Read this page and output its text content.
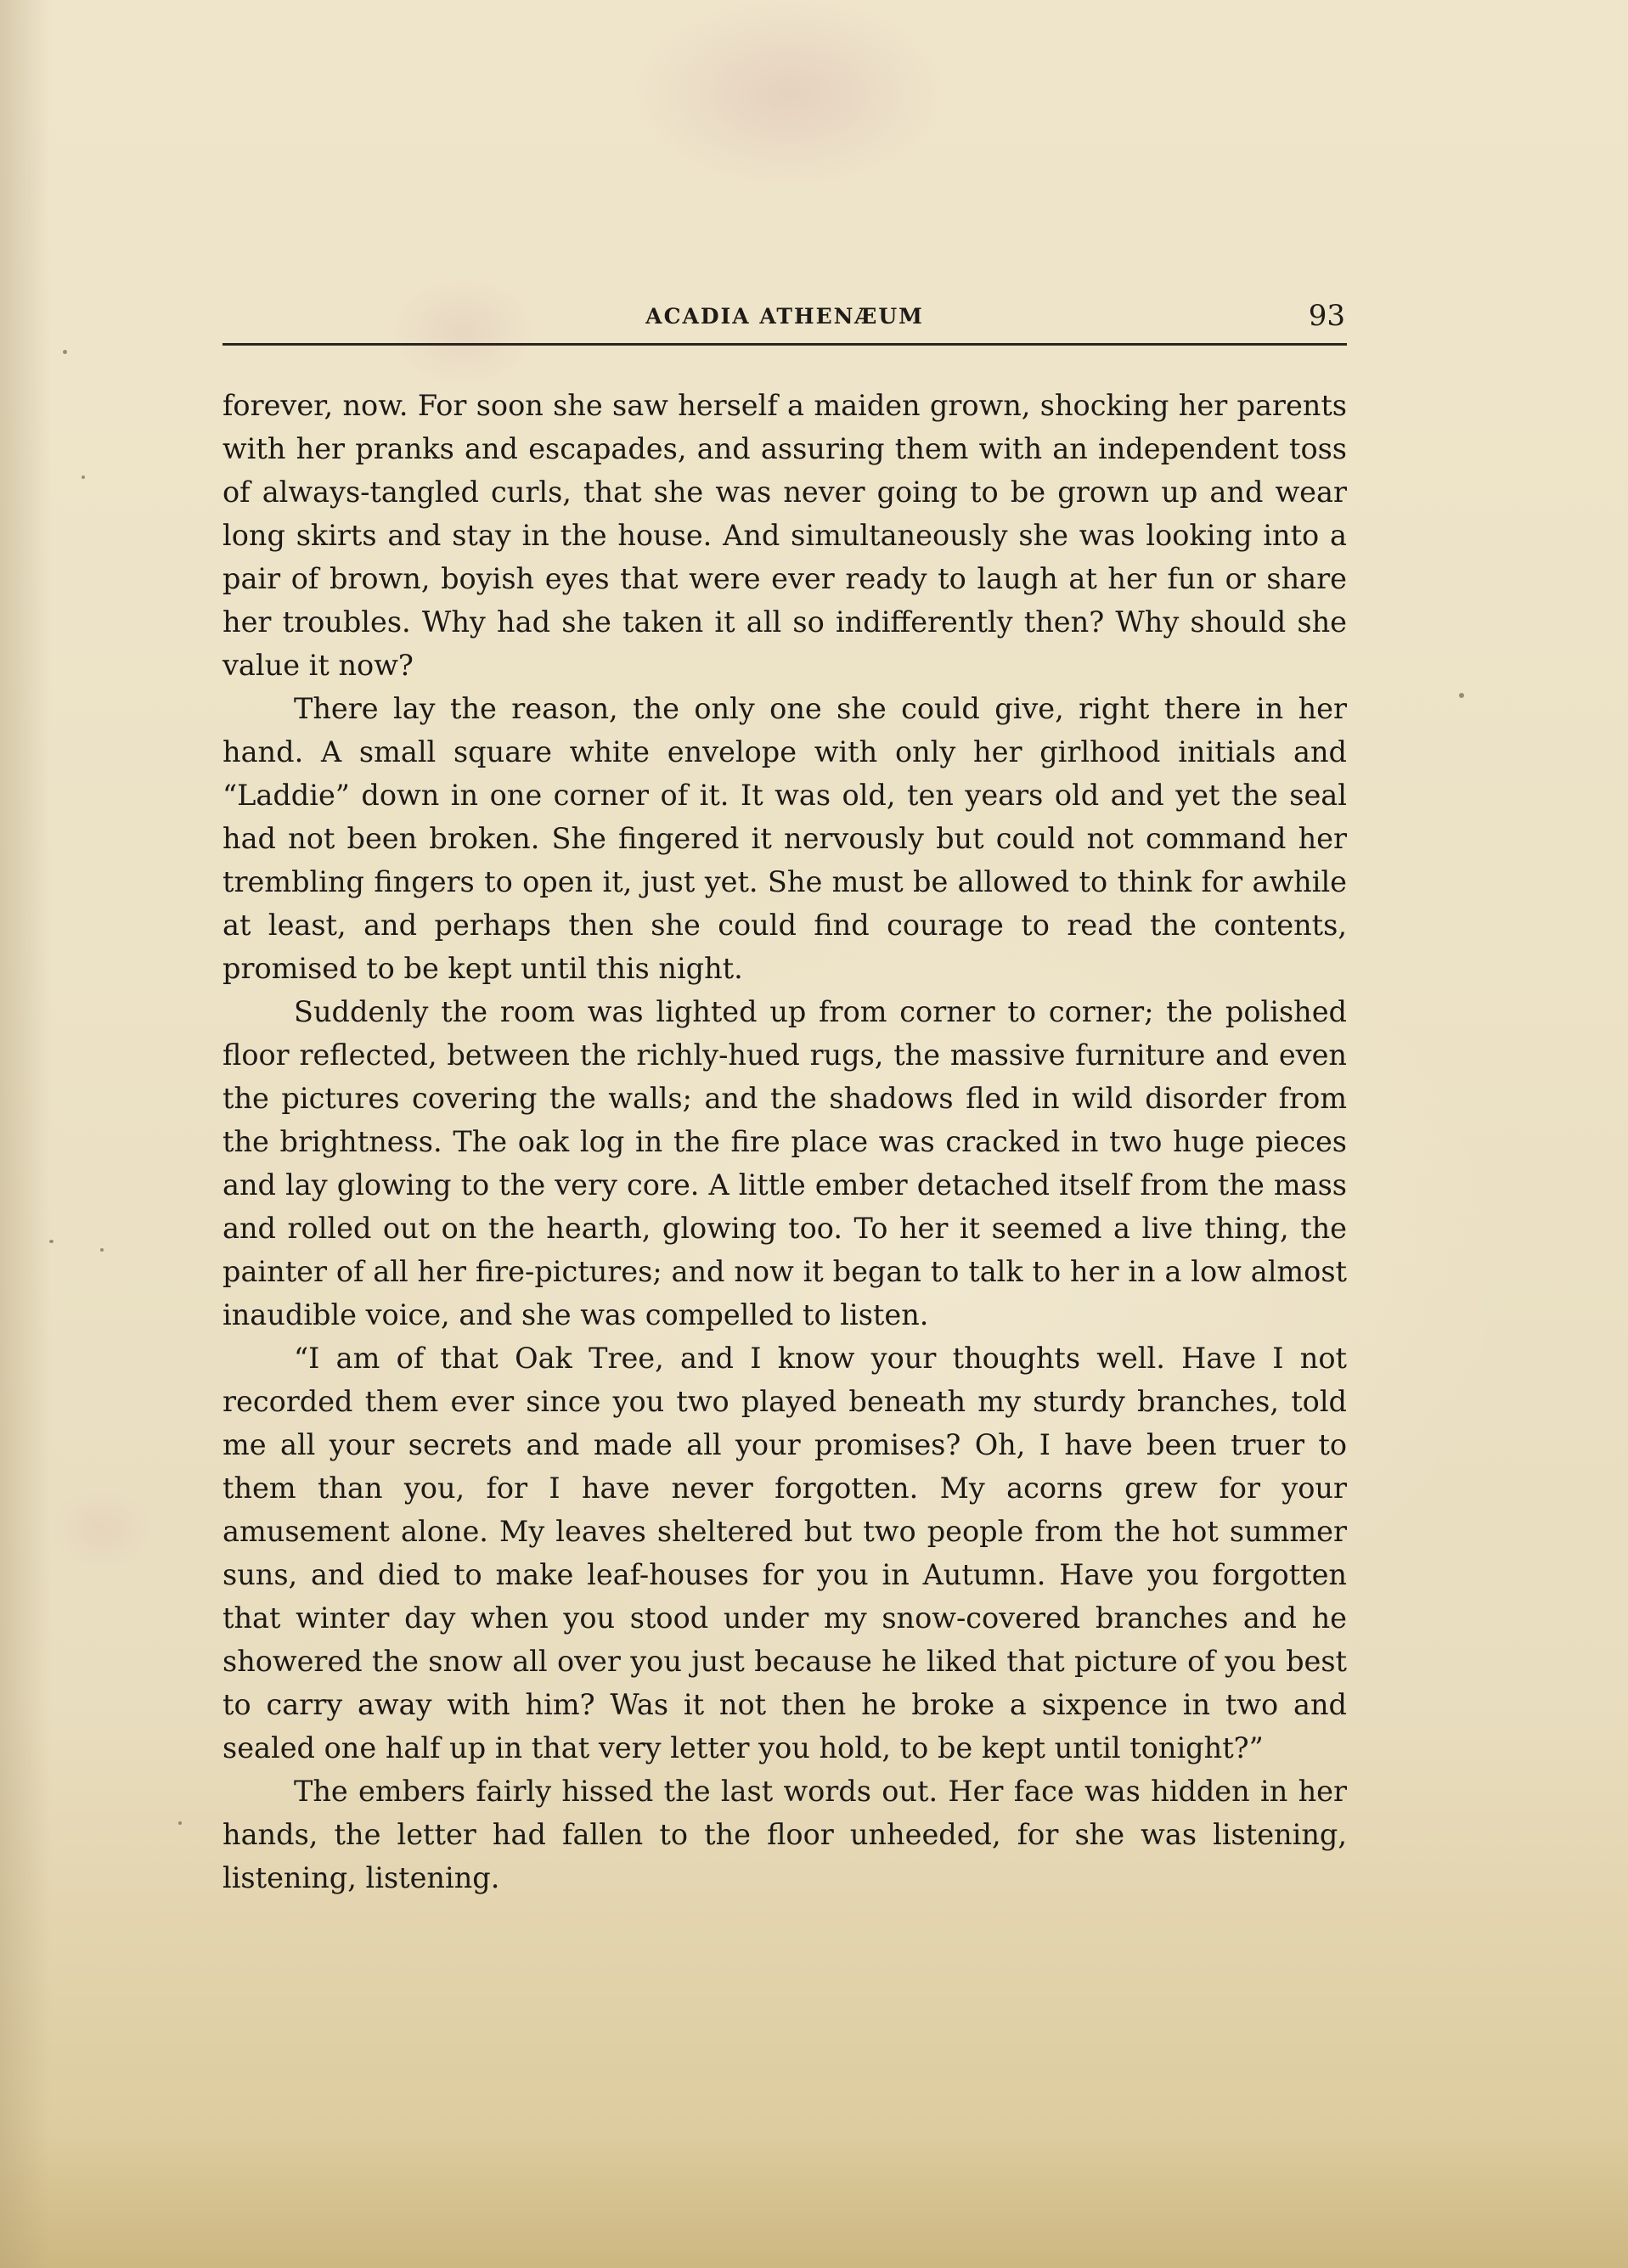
ACADIA ATHENÆUM	93

forever, now. For soon she saw herself a maiden grown, shocking her parents with her pranks and escapades, and assuring them with an independent toss of always-tangled curls, that she was never going to be grown up and wear long skirts and stay in the house. And simultaneously she was looking into a pair of brown, boyish eyes that were ever ready to laugh at her fun or share her troubles. Why had she taken it all so indifferently then? Why should she value it now?

There lay the reason, the only one she could give, right there in her hand. A small square white envelope with only her girlhood initials and “Laddie” down in one corner of it. It was old, ten years old and yet the seal had not been broken. She fingered it nervously but could not command her trembling fingers to open it, just yet. She must be allowed to think for awhile at least, and perhaps then she could find courage to read the contents, promised to be kept until this night.

Suddenly the room was lighted up from corner to corner; the polished floor reflected, between the richly-hued rugs, the massive furniture and even the pictures covering the walls; and the shadows fled in wild disorder from the brightness. The oak log in the fire place was cracked in two huge pieces and lay glowing to the very core. A little ember detached itself from the mass and rolled out on the hearth, glowing too. To her it seemed a live thing, the painter of all her fire-pictures; and now it began to talk to her in a low almost inaudible voice, and she was compelled to listen.

“I am of that Oak Tree, and I know your thoughts well. Have I not recorded them ever since you two played beneath my sturdy branches, told me all your secrets and made all your promises? Oh, I have been truer to them than you, for I have never forgotten. My acorns grew for your amusement alone. My leaves sheltered but two people from the hot summer suns, and died to make leaf-houses for you in Autumn. Have you forgotten that winter day when you stood under my snow-covered branches and he showered the snow all over you just because he liked that picture of you best to carry away with him? Was it not then he broke a sixpence in two and sealed one half up in that very letter you hold, to be kept until tonight?”

The embers fairly hissed the last words out. Her face was hidden in her hands, the letter had fallen to the floor unheeded, for she was listening, listening, listening.
